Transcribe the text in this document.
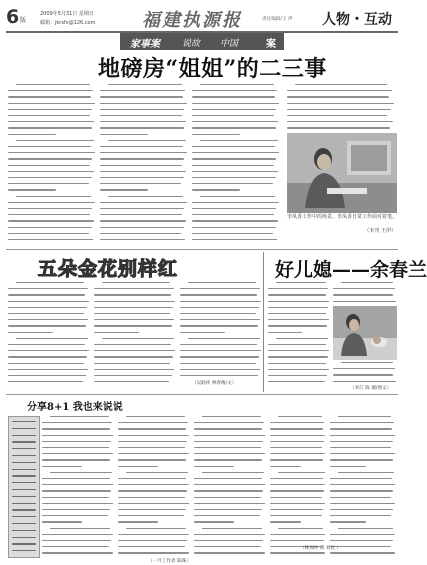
6 版
2009年5月31日 星期日
邮箱：jkrsfx@126.com	福建执源报	责任编辑/王 伊 人物・互动
家事案 说故 中国	案
地磅房“姐姐”的二三事
李凤香工作中的场景。李凤香日常工作面对着笔。
（本刊 王伊）
五朵金花别样红
（吴联祥 林春梅/文）
好儿媳——余春兰
（李江 陈 城/图文）
分享8+1 我也来说说
（一月工作者 陈珠）
（林加冲 胡 刘民 ）
